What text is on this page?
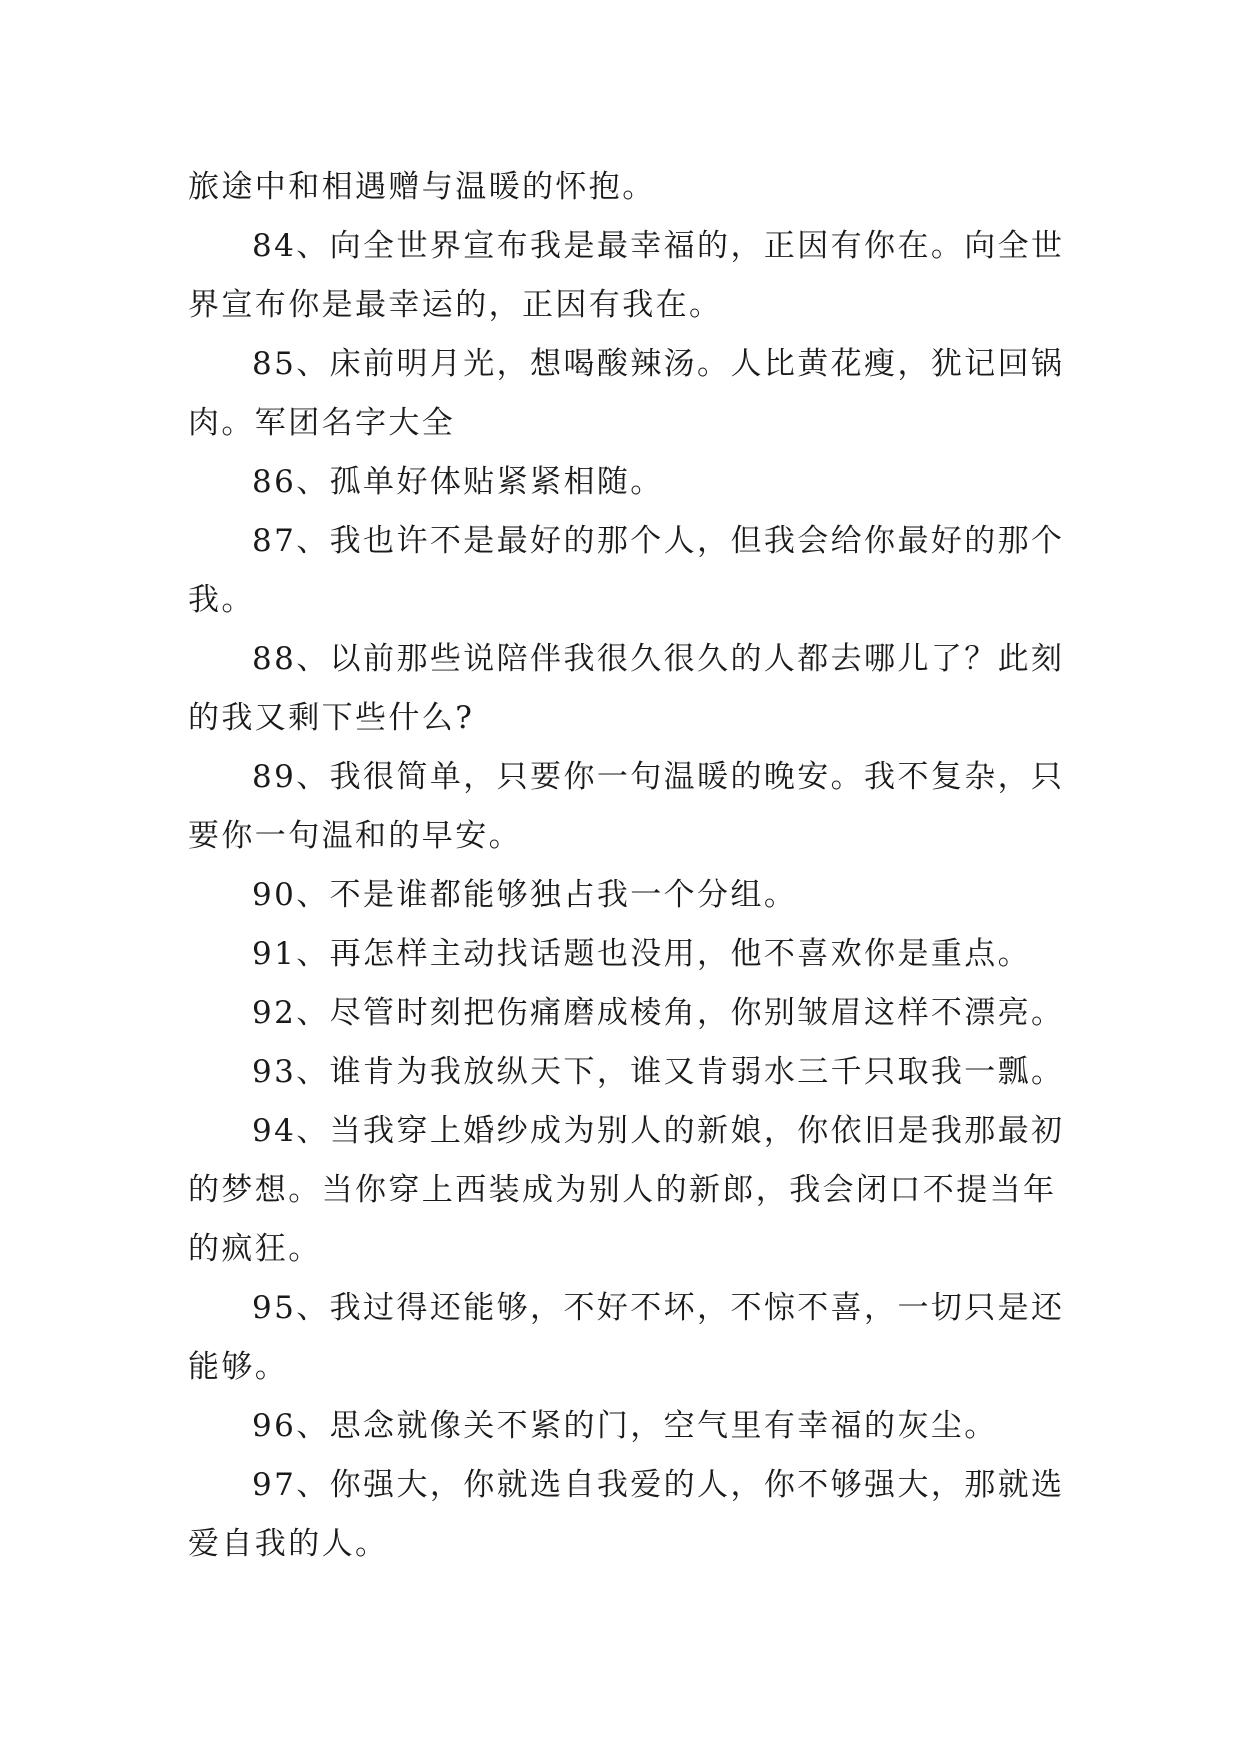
旅途中和相遇赠与温暖的怀抱。

84、向全世界宣布我是最幸福的，正因有你在。向全世界宣布你是最幸运的，正因有我在。

85、床前明月光，想喝酸辣汤。人比黄花瘦，犹记回锅肉。军团名字大全

86、孤单好体贴紧紧相随。

87、我也许不是最好的那个人，但我会给你最好的那个我。

88、以前那些说陪伴我很久很久的人都去哪儿了？此刻的我又剩下些什么?

89、我很简单，只要你一句温暖的晚安。我不复杂，只要你一句温和的早安。

90、不是谁都能够独占我一个分组。

91、再怎样主动找话题也没用，他不喜欢你是重点。

92、尽管时刻把伤痛磨成棱角，你别皱眉这样不漂亮。

93、谁肯为我放纵天下，谁又肯弱水三千只取我一瓢。

94、当我穿上婚纱成为别人的新娘，你依旧是我那最初的梦想。当你穿上西装成为别人的新郎，我会闭口不提当年的疯狂。

95、我过得还能够，不好不坏，不惊不喜，一切只是还能够。

96、思念就像关不紧的门，空气里有幸福的灰尘。

97、你强大，你就选自我爱的人，你不够强大，那就选爱自我的人。
